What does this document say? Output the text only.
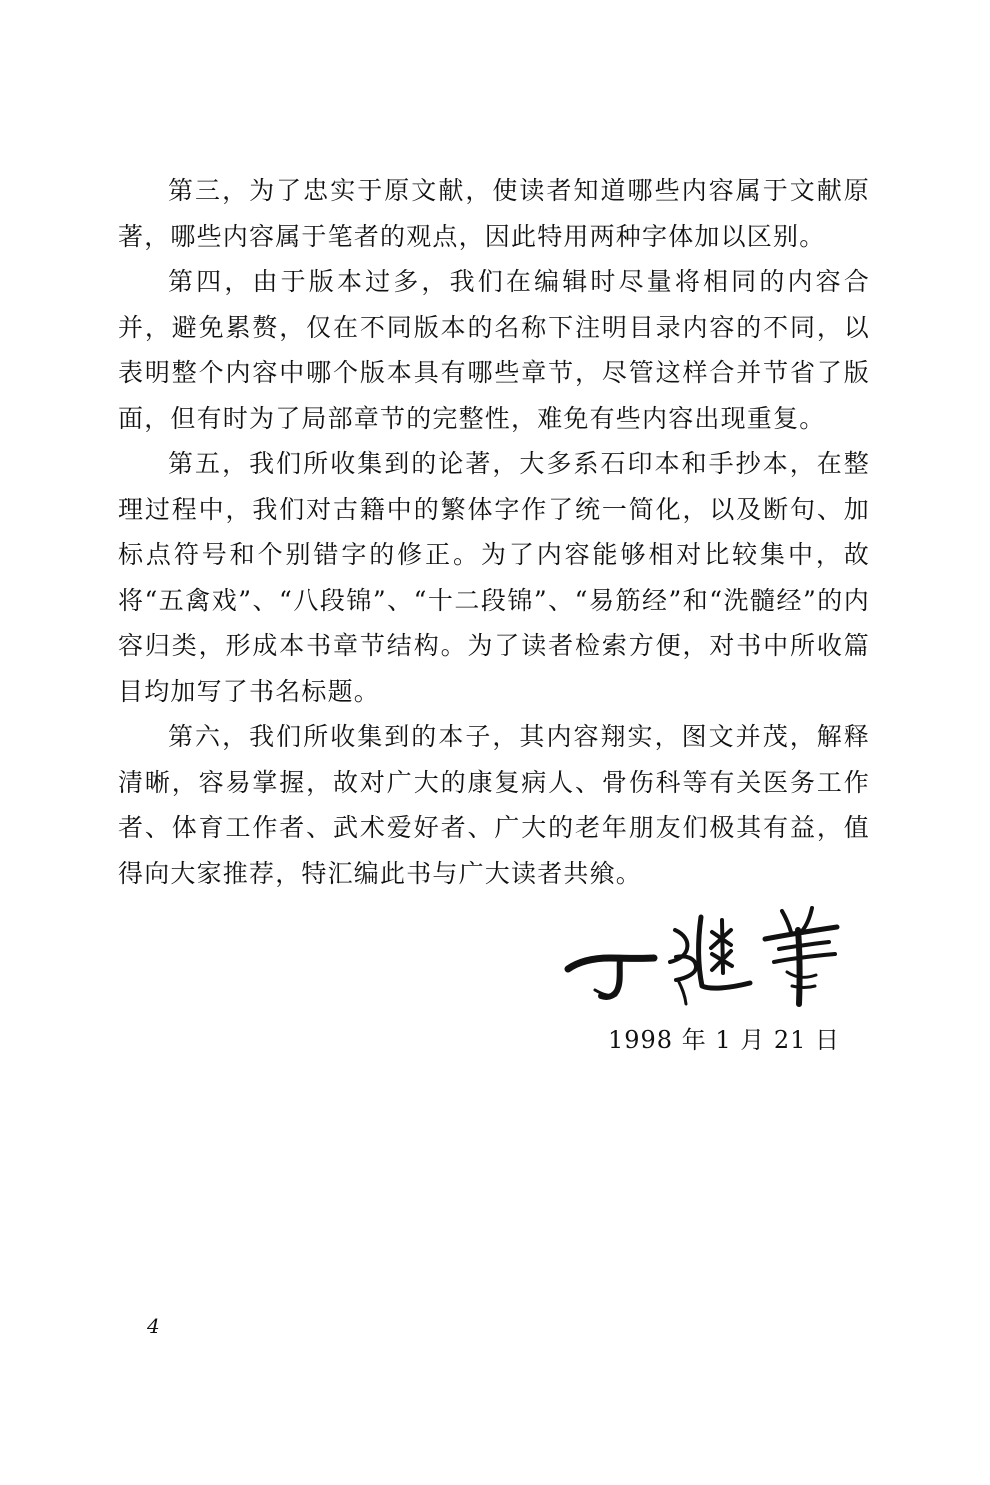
第三，为了忠实于原文献，使读者知道哪些内容属于文献原著，哪些内容属于笔者的观点，因此特用两种字体加以区别。

第四，由于版本过多，我们在编辑时尽量将相同的内容合并，避免累赘，仅在不同版本的名称下注明目录内容的不同，以表明整个内容中哪个版本具有哪些章节，尽管这样合并节省了版面，但有时为了局部章节的完整性，难免有些内容出现重复。

第五，我们所收集到的论著，大多系石印本和手抄本，在整理过程中，我们对古籍中的繁体字作了统一简化，以及断句、加标点符号和个别错字的修正。为了内容能够相对比较集中，故将“五禽戏”、“八段锦”、“十二段锦”、“易筋经”和“洗髓经”的内容归类，形成本书章节结构。为了读者检索方便，对书中所收篇目均加写了书名标题。

第六，我们所收集到的本子，其内容翔实，图文并茂，解释清晰，容易掌握，故对广大的康复病人、骨伤科等有关医务工作者、体育工作者、武术爱好者、广大的老年朋友们极其有益，值得向大家推荐，特汇编此书与广大读者共飨。

1998 年 1 月 21 日
4
